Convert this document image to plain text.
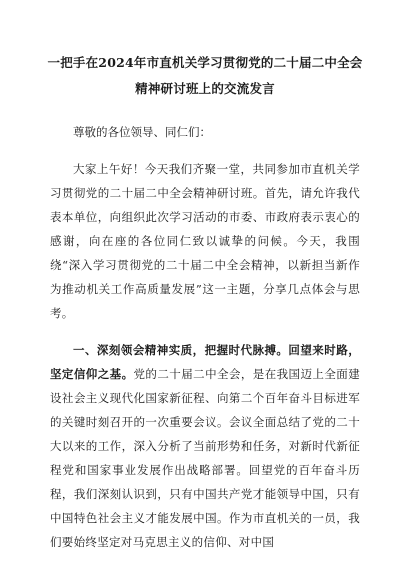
一把手在2024年市直机关学习贯彻党的二十届二中全会精神研讨班上的交流发言

尊敬的各位领导、同仁们：

大家上午好！今天我们齐聚一堂，共同参加市直机关学习贯彻党的二十届二中全会精神研讨班。首先，请允许我代表本单位，向组织此次学习活动的市委、市政府表示衷心的感谢，向在座的各位同仁致以诚挚的问候。今天，我围绕“深入学习贯彻党的二十届二中全会精神，以新担当新作为推动机关工作高质量发展”这一主题，分享几点体会与思考。

一、深刻领会精神实质，把握时代脉搏。回望来时路，坚定信仰之基。党的二十届二中全会，是在我国迈上全面建设社会主义现代化国家新征程、向第二个百年奋斗目标进军的关键时刻召开的一次重要会议。会议全面总结了党的二十大以来的工作，深入分析了当前形势和任务，对新时代新征程党和国家事业发展作出战略部署。回望党的百年奋斗历程，我们深刻认识到，只有中国共产党才能领导中国，只有中国特色社会主义才能发展中国。作为市直机关的一员，我们要始终坚定对马克思主义的信仰、对中国
